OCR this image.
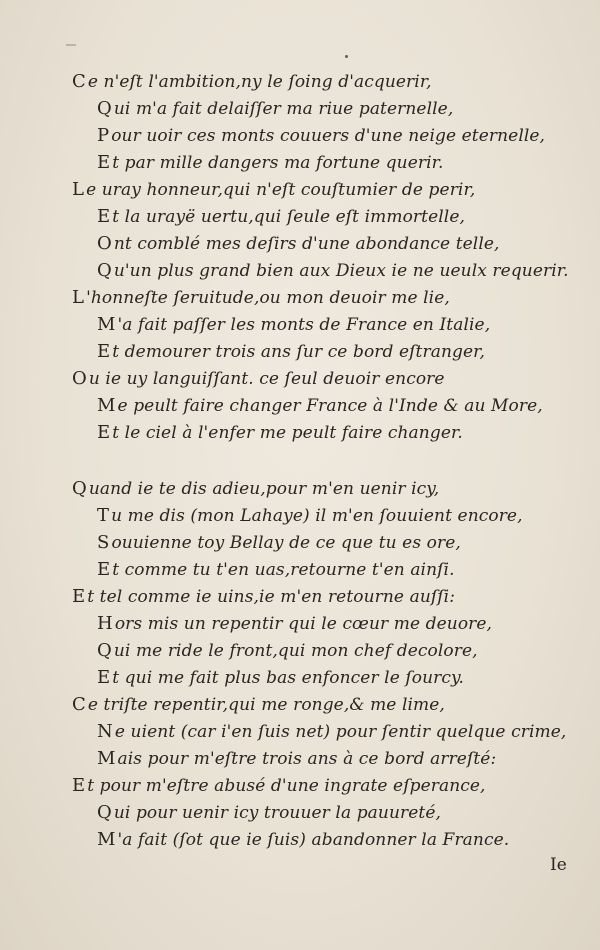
C e n'eſt l'ambition,ny le ſoing d'acquerir,
Q ui m'a fait delaiſſer ma riue paternelle,
P our uoir ces monts couuers d'une neige eternelle,
E t par mille dangers ma fortune querir.
L e uray honneur,qui n'eſt couſtumier de perir,
E t la urayë uertu,qui ſeule eſt immortelle,
O nt comblé mes deſirs d'une abondance telle,
Q u'un plus grand bien aux Dieux ie ne ueulx requerir.
L 'honneſte ſeruitude,ou mon deuoir me lie,
M 'a fait paſſer les monts de France en Italie,
E t demourer trois ans ſur ce bord eſtranger,
O u ie uy languiſſant. ce ſeul deuoir encore
M e peult faire changer France à l'Inde & au More,
E t le ciel à l'enfer me peult faire changer.
Q uand ie te dis adieu,pour m'en uenir icy,
T u me dis (mon Lahaye) il m'en ſouuient encore,
S ouuienne toy Bellay de ce que tu es ore,
E t comme tu t'en uas,retourne t'en ainſi.
E t tel comme ie uins,ie m'en retourne auſſi:
H ors mis un repentir qui le cœur me deuore,
Q ui me ride le front,qui mon chef decolore,
E t qui me fait plus bas enfoncer le ſourcy.
C e triſte repentir,qui me ronge,& me lime,
N e uient (car i'en ſuis net) pour ſentir quelque crime,
M ais pour m'eſtre trois ans à ce bord arreſté:
E t pour m'eſtre abusé d'une ingrate eſperance,
Q ui pour uenir icy trouuer la pauureté,
M 'a fait (ſot que ie ſuis) abandonner la France.
Ie
